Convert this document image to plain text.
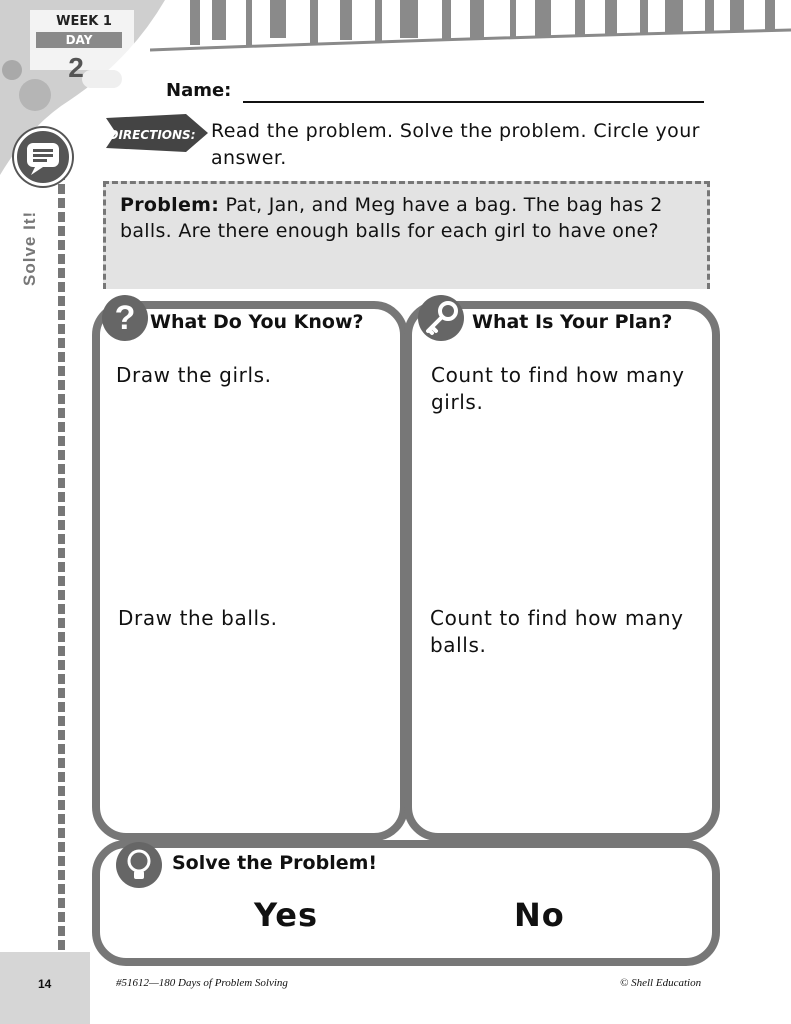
WEEK 1
DAY
2
Solve It!
Name:
DIRECTIONS: Read the problem. Solve the problem. Circle your answer.
Problem: Pat, Jan, and Meg have a bag. The bag has 2 balls. Are there enough balls for each girl to have one?
? What Do You Know?	What Is Your Plan?
Solve the Problem!
Draw the girls.	Count to find how many girls.
Draw the balls.	Count to find how many balls.
Yes	No
14	#51612—180 Days of Problem Solving	© Shell Education
